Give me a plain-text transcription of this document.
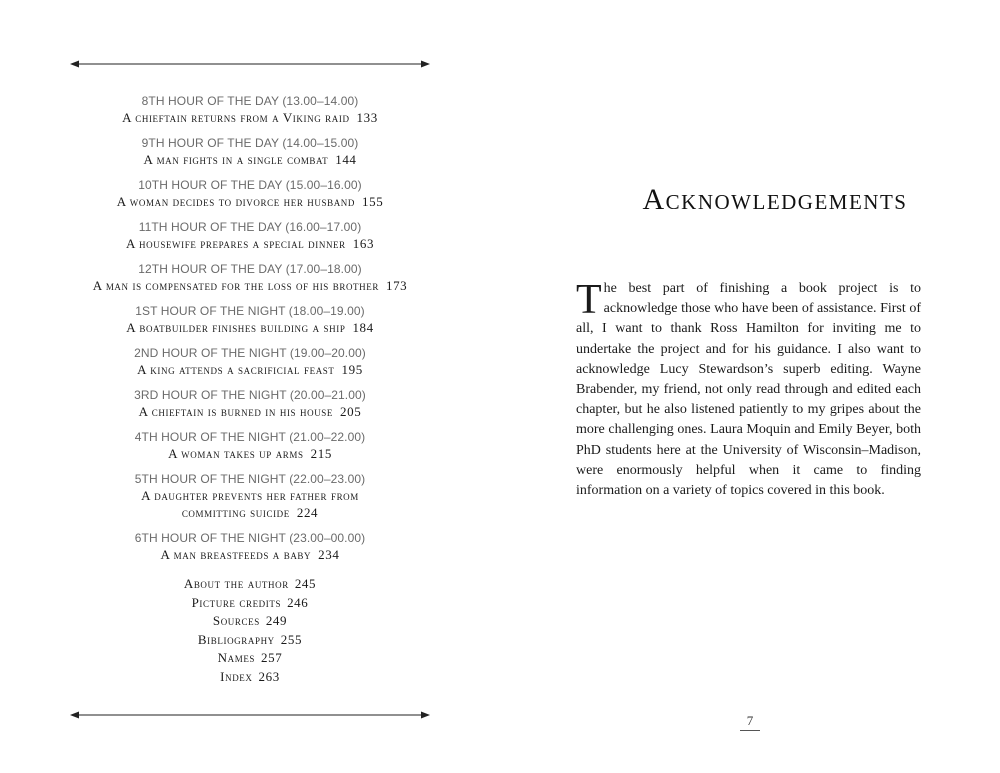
8TH HOUR OF THE DAY (13.00–14.00)
A chieftain returns from a Viking raid 133
9TH HOUR OF THE DAY (14.00–15.00)
A man fights in a single combat 144
10TH HOUR OF THE DAY (15.00–16.00)
A woman decides to divorce her husband 155
11TH HOUR OF THE DAY (16.00–17.00)
A housewife prepares a special dinner 163
12TH HOUR OF THE DAY (17.00–18.00)
A man is compensated for the loss of his brother 173
1ST HOUR OF THE NIGHT (18.00–19.00)
A boatbuilder finishes building a ship 184
2ND HOUR OF THE NIGHT (19.00–20.00)
A king attends a sacrificial feast 195
3RD HOUR OF THE NIGHT (20.00–21.00)
A chieftain is burned in his house 205
4TH HOUR OF THE NIGHT (21.00–22.00)
A woman takes up arms 215
5TH HOUR OF THE NIGHT (22.00–23.00)
A daughter prevents her father from
committing suicide 224
6TH HOUR OF THE NIGHT (23.00–00.00)
A man breastfeeds a baby 234
About the author 245
Picture credits 246
Sources 249
Bibliography 255
Names 257
Index 263
Acknowledgements

The best part of finishing a book project is to acknowledge those who have been of assistance. First of all, I want to thank Ross Hamilton for inviting me to undertake the project and for his guidance. I also want to acknowledge Lucy Stewardson’s superb editing. Wayne Brabender, my friend, not only read through and edited each chapter, but he also listened patiently to my gripes about the more challenging ones. Laura Moquin and Emily Beyer, both PhD students here at the University of Wisconsin–Madison, were enormously helpful when it came to finding information on a variety of topics covered in this book.

7
